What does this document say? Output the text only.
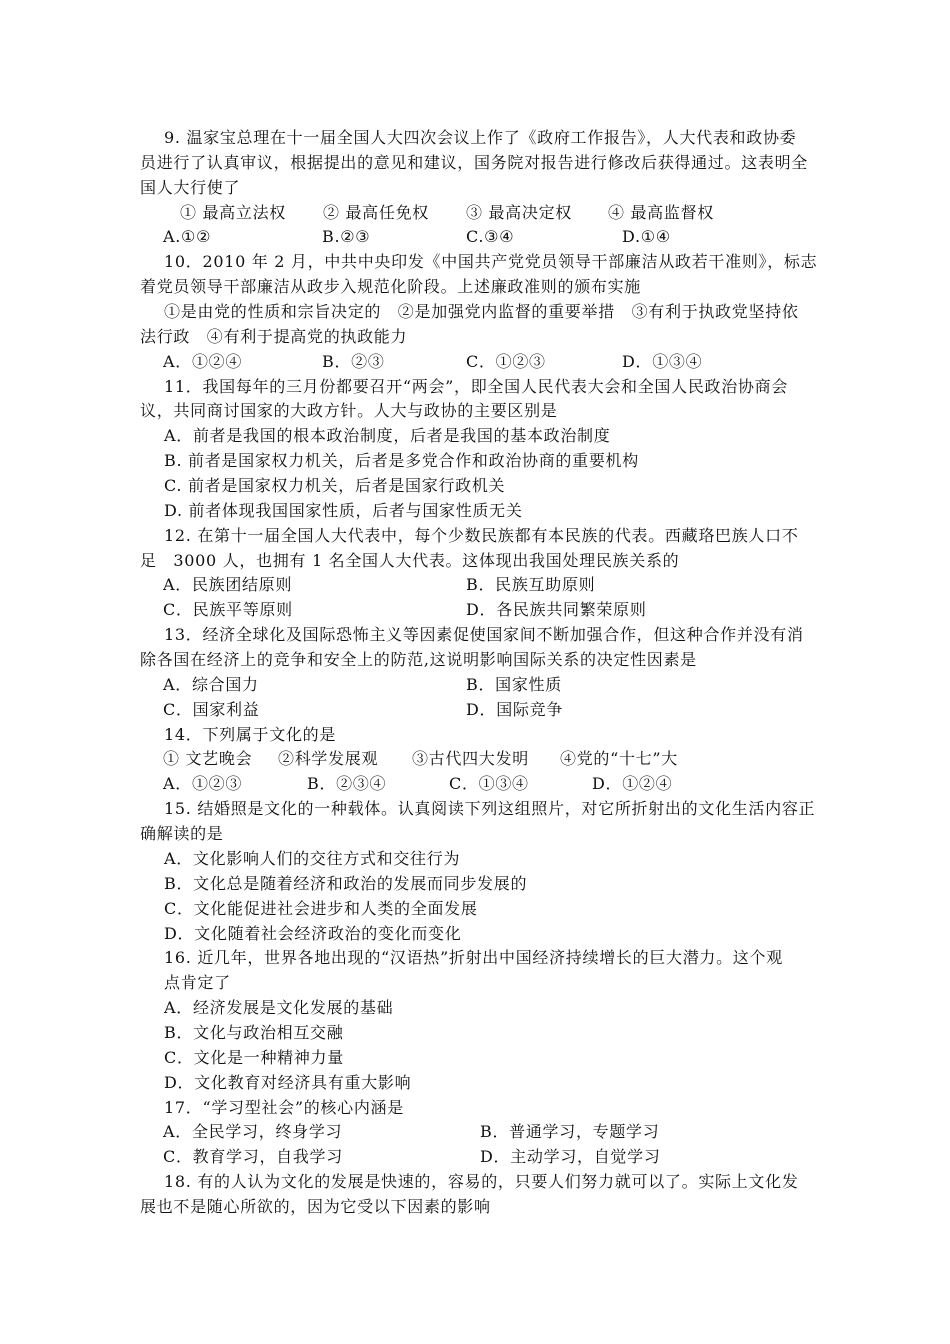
9. 温家宝总理在十一届全国人大四次会议上作了《政府工作报告》，人大代表和政协委
员进行了认真审议，根据提出的意见和建议，国务院对报告进行修改后获得通过。这表明全
国人大行使了
① 最高立法权 ② 最高任免权 ③ 最高决定权 ④ 最高监督权
A.①②	B.②③	C.③④	D.①④
10．2010 年 2 月，中共中央印发《中国共产党党员领导干部廉洁从政若干准则》，标志
着党员领导干部廉洁从政步入规范化阶段。上述廉政准则的颁布实施
①是由党的性质和宗旨决定的　②是加强党内监督的重要举措　③有利于执政党坚持依
法行政　④有利于提高党的执政能力
A．①②④	B．②③	C．①②③	D．①③④
11．我国每年的三月份都要召开“两会”，即全国人民代表大会和全国人民政治协商会
议，共同商讨国家的大政方针。人大与政协的主要区别是
A．前者是我国的根本政治制度，后者是我国的基本政治制度
B. 前者是国家权力机关，后者是多党合作和政治协商的重要机构
C. 前者是国家权力机关，后者是国家行政机关
D. 前者体现我国国家性质，后者与国家性质无关
12. 在第十一届全国人大代表中，每个少数民族都有本民族的代表。西藏珞巴族人口不
足　3000 人，也拥有 1 名全国人大代表。这体现出我国处理民族关系的
A．民族团结原则	B．民族互助原则
C．民族平等原则	D．各民族共同繁荣原则
13．经济全球化及国际恐怖主义等因素促使国家间不断加强合作，但这种合作并没有消
除各国在经济上的竞争和安全上的防范,这说明影响国际关系的决定性因素是
A．综合国力	B．国家性质
C．国家利益	D．国际竞争
14．下列属于文化的是
① 文艺晚会 ②科学发展观 ③古代四大发明 ④党的“十七”大
A．①②③	B．②③④	C．①③④	D．①②④
15. 结婚照是文化的一种载体。认真阅读下列这组照片，对它所折射出的文化生活内容正
确解读的是
A．文化影响人们的交往方式和交往行为
B．文化总是随着经济和政治的发展而同步发展的
C．文化能促进社会进步和人类的全面发展
D．文化随着社会经济政治的变化而变化
16. 近几年，世界各地出现的“汉语热”折射出中国经济持续增长的巨大潜力。这个观
点肯定了
A．经济发展是文化发展的基础
B．文化与政治相互交融
C．文化是一种精神力量
D．文化教育对经济具有重大影响
17．“学习型社会”的核心内涵是
A．全民学习，终身学习	B．普通学习，专题学习
C．教育学习，自我学习	D．主动学习，自觉学习
18. 有的人认为文化的发展是快速的，容易的，只要人们努力就可以了。实际上文化发
展也不是随心所欲的，因为它受以下因素的影响
